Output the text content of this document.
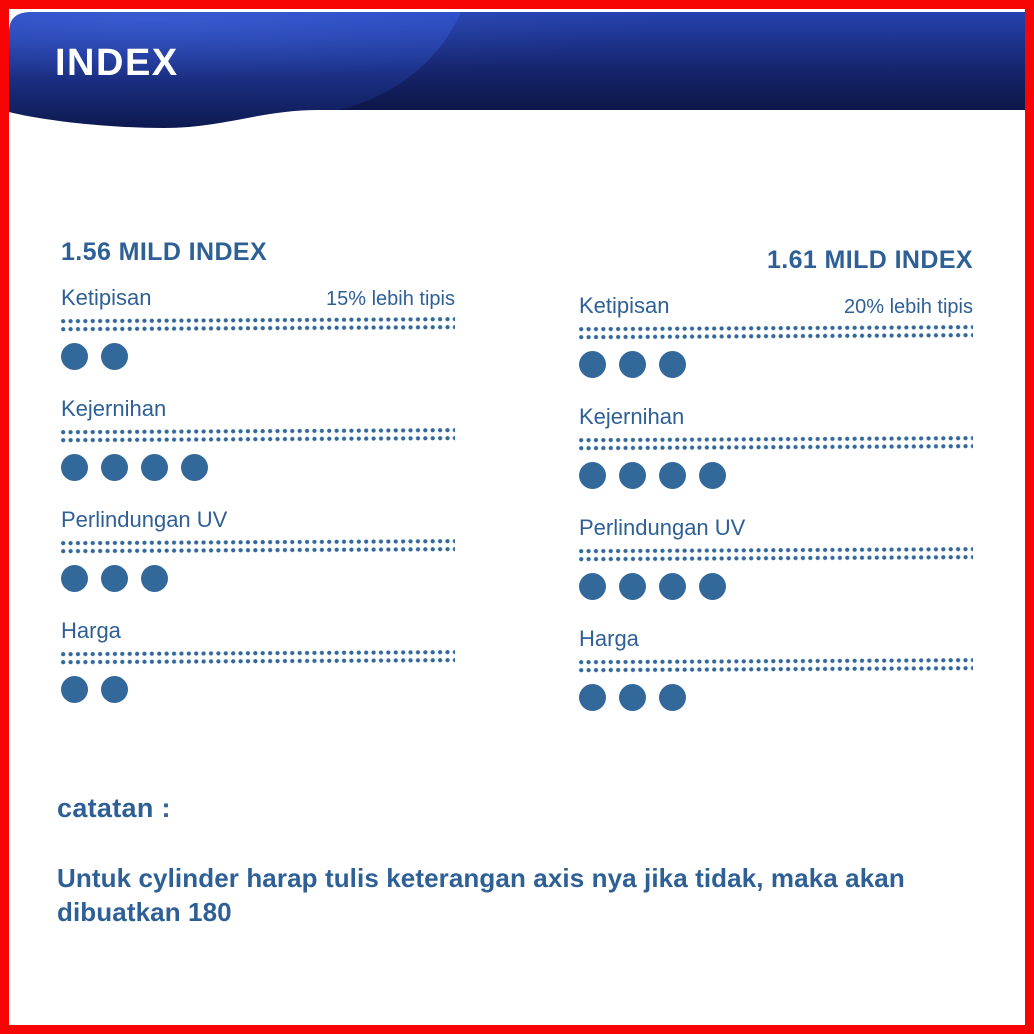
INDEX
1.56 MILD INDEX
Ketipisan	15% lebih tipis
Kejernihan
Perlindungan UV
Harga
1.61 MILD INDEX
Ketipisan	20% lebih tipis
Kejernihan
Perlindungan UV
Harga
catatan :
Untuk cylinder harap tulis keterangan axis nya jika tidak, maka akan dibuatkan 180
